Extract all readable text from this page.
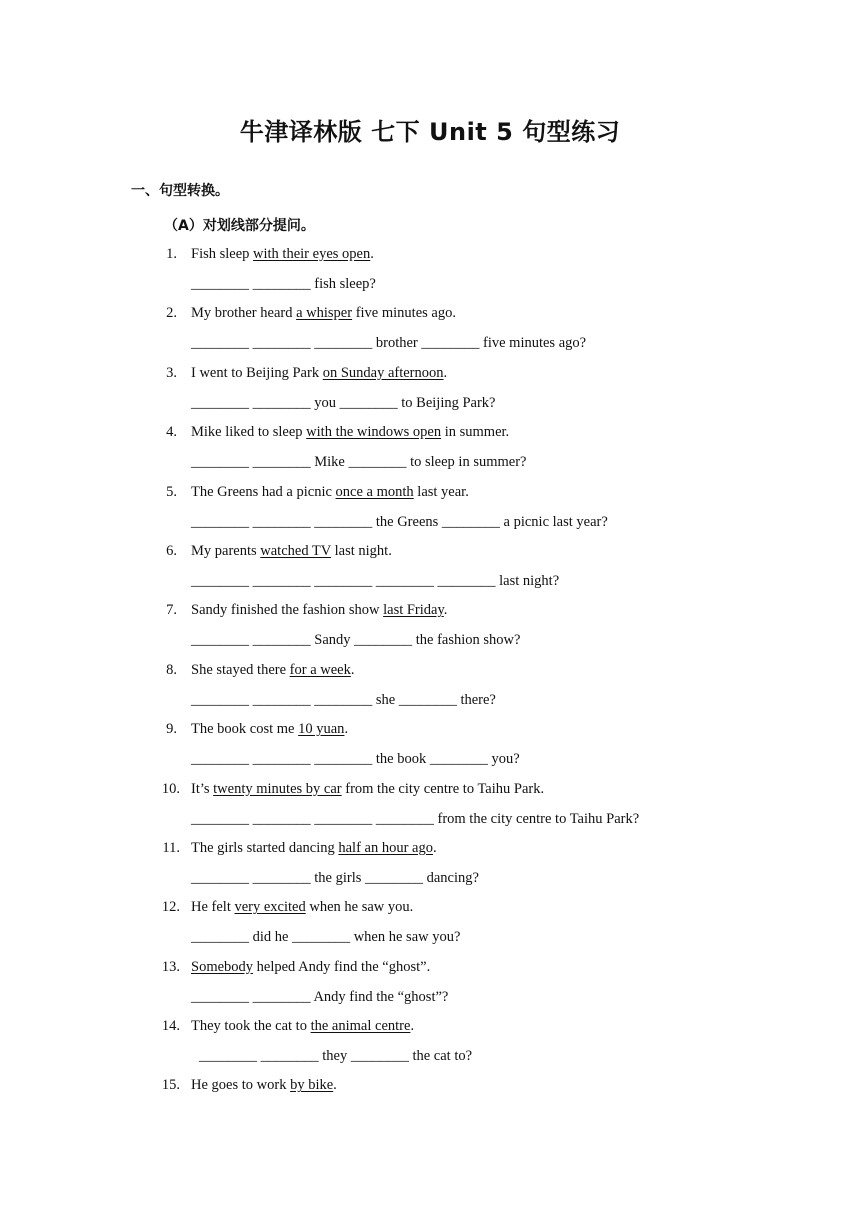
牛津译林版 七下 Unit 5 句型练习
一、句型转换。
（A）对划线部分提问。
1. Fish sleep with their eyes open.
________ ________ fish sleep?
2. My brother heard a whisper five minutes ago.
________ ________ ________ brother ________ five minutes ago?
3. I went to Beijing Park on Sunday afternoon.
________ ________ you ________ to Beijing Park?
4. Mike liked to sleep with the windows open in summer.
________ ________ Mike ________ to sleep in summer?
5. The Greens had a picnic once a month last year.
________ ________ ________ the Greens ________ a picnic last year?
6. My parents watched TV last night.
________ ________ ________ ________ ________ last night?
7. Sandy finished the fashion show last Friday.
________ ________ Sandy ________ the fashion show?
8. She stayed there for a week.
________ ________ ________ she ________ there?
9. The book cost me 10 yuan.
________ ________ ________ the book ________ you?
10. It’s twenty minutes by car from the city centre to Taihu Park.
________ ________ ________ ________ from the city centre to Taihu Park?
11. The girls started dancing half an hour ago.
________ ________ the girls ________ dancing?
12. He felt very excited when he saw you.
________ did he ________ when he saw you?
13. Somebody helped Andy find the “ghost”.
________ ________ Andy find the “ghost”?
14. They took the cat to the animal centre.
________ ________ they ________ the cat to?
15. He goes to work by bike.
